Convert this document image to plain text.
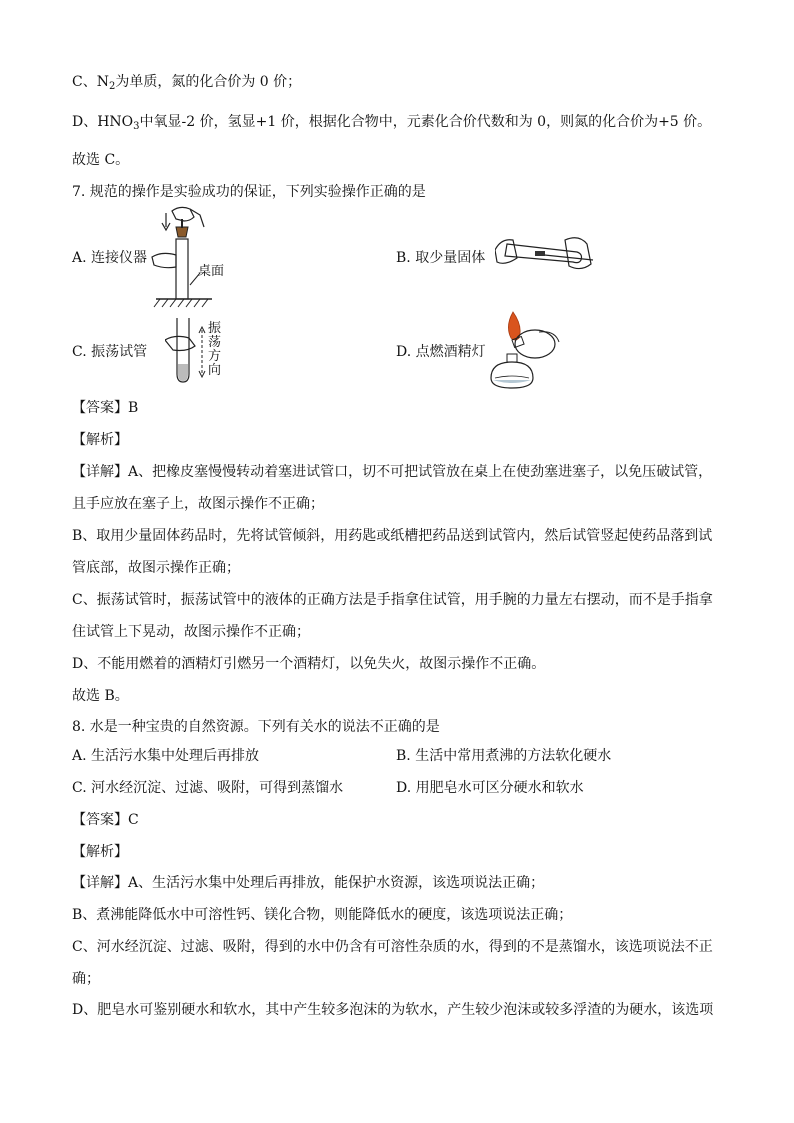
C、$N_2$为单质，氮的化合价为 0 价；
D、$HNO_3$中氧显-2 价，氢显+1 价，根据化合物中，元素化合价代数和为 0，则氮的化合价为+5 价。
故选 C。
7. 规范的操作是实验成功的保证，下列实验操作正确的是
A. 连接仪器
桌面
B. 取少量固体
C. 振荡试管
振
荡
方
向
D. 点燃酒精灯
【答案】B
【解析】
【详解】A、把橡皮塞慢慢转动着塞进试管口，切不可把试管放在桌上在使劲塞进塞子，以免压破试管，
且手应放在塞子上，故图示操作不正确；
B、取用少量固体药品时，先将试管倾斜，用药匙或纸槽把药品送到试管内，然后试管竖起使药品落到试
管底部，故图示操作正确；
C、振荡试管时，振荡试管中的液体的正确方法是手指拿住试管，用手腕的力量左右摆动，而不是手指拿
住试管上下晃动，故图示操作不正确；
D、不能用燃着的酒精灯引燃另一个酒精灯，以免失火，故图示操作不正确。
故选 B。
8. 水是一种宝贵的自然资源。下列有关水的说法不正确的是
A. 生活污水集中处理后再排放	B. 生活中常用煮沸的方法软化硬水
C. 河水经沉淀、过滤、吸附，可得到蒸馏水	D. 用肥皂水可区分硬水和软水
【答案】C
【解析】
【详解】A、生活污水集中处理后再排放，能保护水资源，该选项说法正确；
B、煮沸能降低水中可溶性钙、镁化合物，则能降低水的硬度，该选项说法正确；
C、河水经沉淀、过滤、吸附，得到的水中仍含有可溶性杂质的水，得到的不是蒸馏水，该选项说法不正
确；
D、肥皂水可鉴别硬水和软水，其中产生较多泡沫的为软水，产生较少泡沫或较多浮渣的为硬水，该选项
